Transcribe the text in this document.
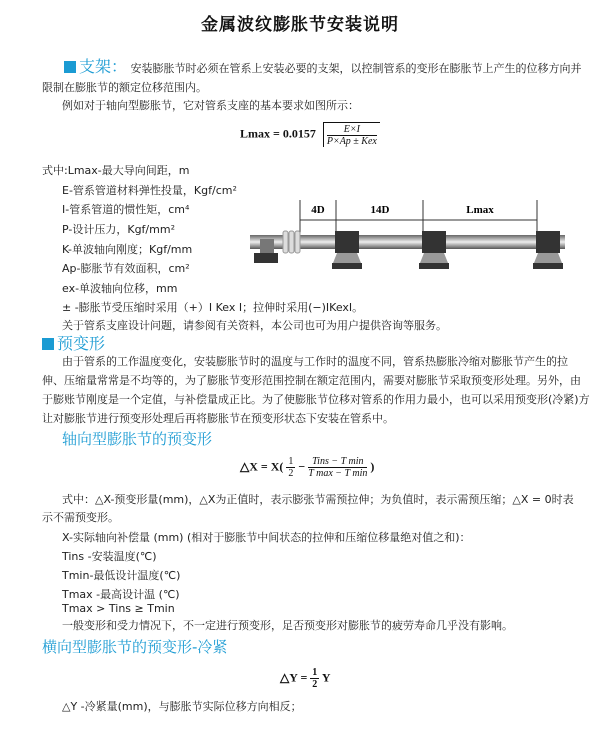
金属波纹膨胀节安装说明
支架： 安装膨胀节时必须在管系上安装必要的支架，以控制管系的变形在膨胀节上产生的位移方向并
限制在膨胀节的额定位移范围内。
例如对于轴向型膨胀节，它对管系支座的基本要求如图所示：
$Lmax = 0.0157 \frac{E\times I}{\text{P×Ap ± Kex}}$
式中:Lmax-最大导向间距，m
E-管系管道材料弹性投量，Kgf/cm²
I-管系管道的惯性矩，cm⁴
P-设计压力，Kgf/mm²
K-单波轴向刚度；Kgf/mm
Ap-膨胀节有效面积，cm²
ex-单波轴向位移，mm
± -膨胀节受压缩时采用（+）I Kex I；拉伸时采用(−)IKexI。
关于管系支座设计问题，请参阅有关资料，本公司也可为用户提供咨询等服务。
4D	14D	Lmax
预变形
由于管系的工作温度变化，安装膨胀节时的温度与工作时的温度不同，管系热膨胀冷缩对膨胀节产生的拉
伸、压缩量常常是不均等的，为了膨胀节变形范围控制在额定范围内，需要对膨胀节采取预变形处理。另外，由
于膨账节刚度是一个定值，与补偿量成正比。为了使膨胀节位移对管系的作用力最小，也可以采用预变形(冷紧)方
让对膨胀节进行预变形处理后再将膨胀节在预变形状态下安装在管系中。
轴向型膨胀节的预变形
△X = $X( \frac{1}{2} - \frac{\text{Tins − T min}}{\text{T max − T min}}$ )
式中：△X-预变形量(mm)，△X为正值时，表示膨张节需预拉伸；为负值时，表示需预压缩；△X = 0时表
示不需预变形。
X-实际轴向补偿量 (mm) (相对于膨胀节中间状态的拉伸和压缩位移量绝对值之和)：
Tins -安装温度(℃)
Tmin-最低设计温度(℃)
Tmax -最高设计温 (℃)
Tmax > Tins ≥ Tmin
一般变形和受力情况下，不一定进行预变形，足否预变形对膨胀节的疲劳寿命几乎没有影响。
横向型膨胀节的预变形-冷紧
△Y = $\frac{1}{2}$ Y
△Y -冷紧量(mm)，与膨胀节实际位移方向相反；
